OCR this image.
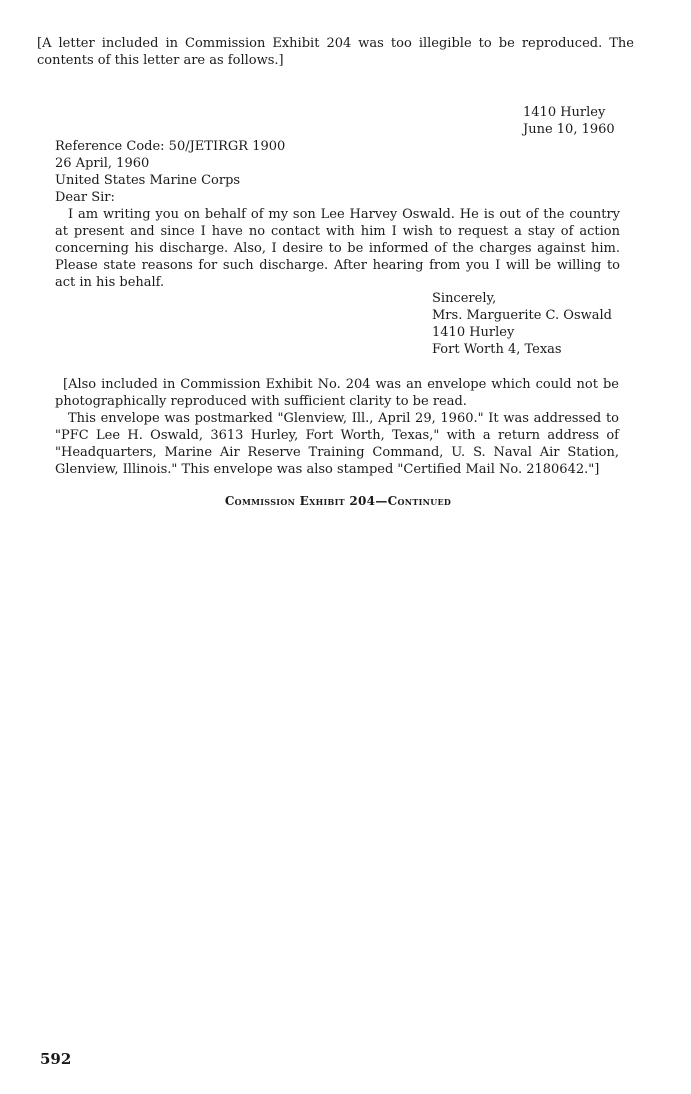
[A letter included in Commission Exhibit 204 was too illegible to be reproduced. The contents of this letter are as follows.]

1410 Hurley
June 10, 1960
Reference Code: 50/JETIRGR 1900
26 April, 1960
United States Marine Corps
Dear Sir:

I am writing you on behalf of my son Lee Harvey Oswald. He is out of the country at present and since I have no contact with him I wish to request a stay of action concerning his discharge. Also, I desire to be informed of the charges against him. Please state reasons for such discharge. After hearing from you I will be willing to act in his behalf.

Sincerely,
Mrs. Marguerite C. Oswald
1410 Hurley
Fort Worth 4, Texas

[Also included in Commission Exhibit No. 204 was an envelope which could not be photographically reproduced with sufficient clarity to be read.

This envelope was postmarked "Glenview, Ill., April 29, 1960." It was addressed to "PFC Lee H. Oswald, 3613 Hurley, Fort Worth, Texas," with a return address of "Headquarters, Marine Air Reserve Training Command, U. S. Naval Air Station, Glenview, Illinois." This envelope was also stamped "Certified Mail No. 2180642."]

Commission Exhibit 204—Continued
592
